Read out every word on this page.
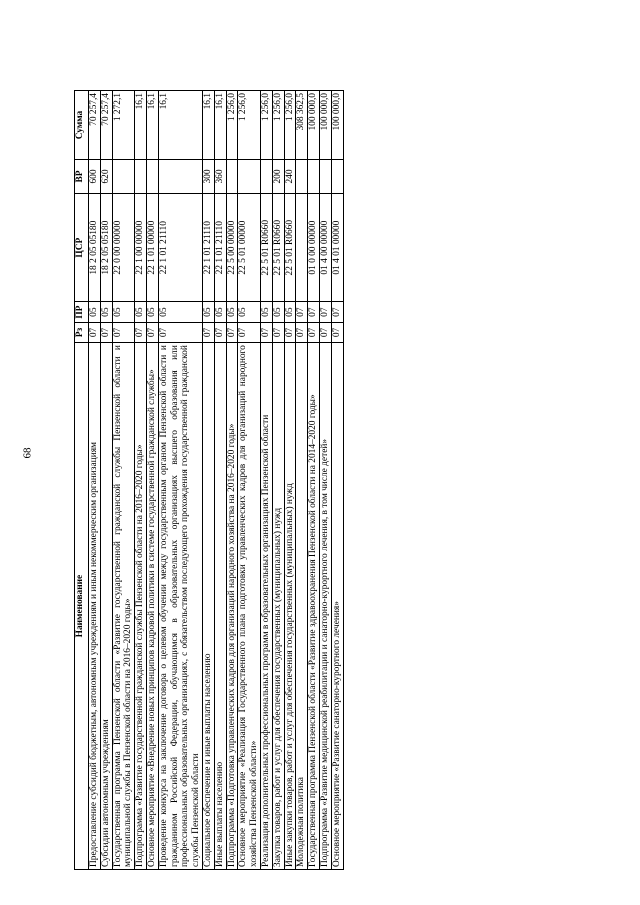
68
Наименование	Рз	ПР	ЦСР	ВР	Сумма
Предоставление субсидий бюджетным, автономным учреждениям и иным некоммерческим организациям	07	05	18 2 05 05180	600	70 257,4
Субсидии автономным учреждениям	07	05	18 2 05 05180	620	70 257,4
Государственная программа Пензенской области «Развитие государственной гражданской службы Пензенской области и муниципальной службы в Пензенской области на 2016–2020 годы»	07	05	22 0 00 00000		1 272,1
Подпрограмма «Развитие государственной гражданской службы Пензенской области на 2016–2020 годы»	07	05	22 1 00 00000		16,1
Основное мероприятие «Внедрение новых принципов кадровой политики в системе государственной гражданской службы»	07	05	22 1 01 00000		16,1
Проведение конкурса на заключение договора о целевом обучении между государственным органом Пензенской области и гражданином Российской Федерации, обучающимся в образовательных организациях высшего образования или профессиональных образовательных организациях, с обязательством последующего прохождения государственной гражданской службы Пензенской области	07	05	22 1 01 21110		16,1
Социальное обеспечение и иные выплаты населению	07	05	22 1 01 21110	300	16,1
Иные выплаты населению	07	05	22 1 01 21110	360	16,1
Подпрограмма «Подготовка управленческих кадров для организаций народного хозяйства на 2016–2020 годы»	07	05	22 5 00 00000		1 256,0
Основное мероприятие «Реализация Государственного плана подготовки управленческих кадров для организаций народного хозяйства Пензенской области»	07	05	22 5 01 00000		1 256,0
Реализация дополнительных профессиональных программ в образовательных организациях Пензенской области	07	05	22 5 01 R0660		1 256,0
Закупка товаров, работ и услуг для обеспечения государственных (муниципальных) нужд	07	05	22 5 01 R0660	200	1 256,0
Иные закупки товаров, работ и услуг для обеспечения государственных (муниципальных) нужд	07	05	22 5 01 R0660	240	1 256,0
Молодежная политика	07	07			308 362,5
Государственная программа Пензенской области «Развитие здравоохранения Пензенской области на 2014–2020 годы»	07	07	01 0 00 00000		100 000,0
Подпрограмма «Развитие медицинской реабилитации и санаторно-курортного лечения, в том числе детей»	07	07	01 4 00 00000		100 000,0
Основное мероприятие «Развитие санаторно-курортного лечения»	07	07	01 4 01 00000		100 000,0
